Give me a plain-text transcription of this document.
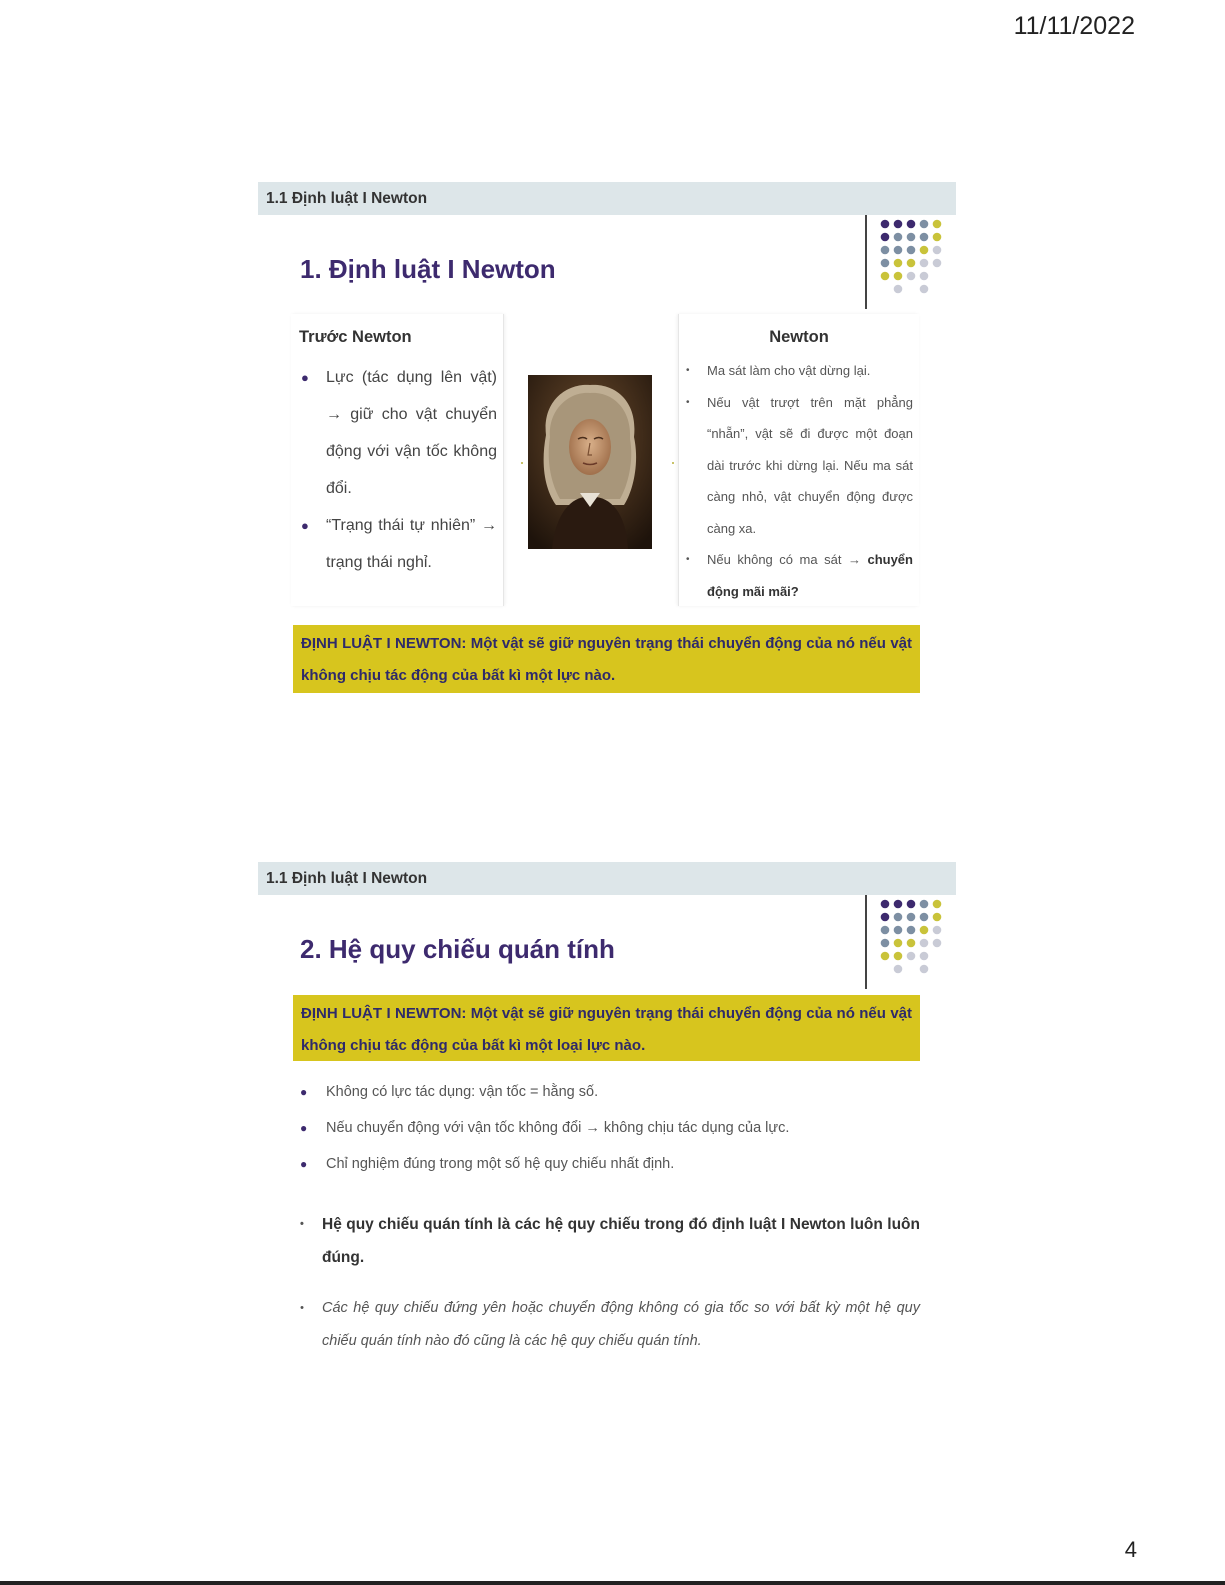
11/11/2022
1.1 Định luật I Newton
1. Định luật I Newton
Trước Newton
● Lực (tác dụng lên vật) → giữ cho vật chuyển động với vận tốc không đổi.
● “Trạng thái tự nhiên” → trạng thái nghỉ.
Newton
• Ma sát làm cho vật dừng lại.
• Nếu vật trượt trên mặt phẳng “nhẵn”, vật sẽ đi được một đoạn dài trước khi dừng lại. Nếu ma sát càng nhỏ, vật chuyển động được càng xa.
• Nếu không có ma sát → chuyển động mãi mãi?
ĐỊNH LUẬT I NEWTON: Một vật sẽ giữ nguyên trạng thái chuyển động của nó nếu vật không chịu tác động của bất kì một lực nào.
1.1 Định luật I Newton
2. Hệ quy chiếu quán tính
ĐỊNH LUẬT I NEWTON: Một vật sẽ giữ nguyên trạng thái chuyển động của nó nếu vật không chịu tác động của bất kì một loại lực nào.
● Không có lực tác dụng: vận tốc = hằng số.
● Nếu chuyển động với vận tốc không đổi → không chịu tác dụng của lực.
● Chỉ nghiệm đúng trong một số hệ quy chiếu nhất định.
• Hệ quy chiếu quán tính là các hệ quy chiếu trong đó định luật I Newton luôn luôn đúng.
• Các hệ quy chiếu đứng yên hoặc chuyển động không có gia tốc so với bất kỳ một hệ quy chiếu quán tính nào đó cũng là các hệ quy chiếu quán tính.
4
